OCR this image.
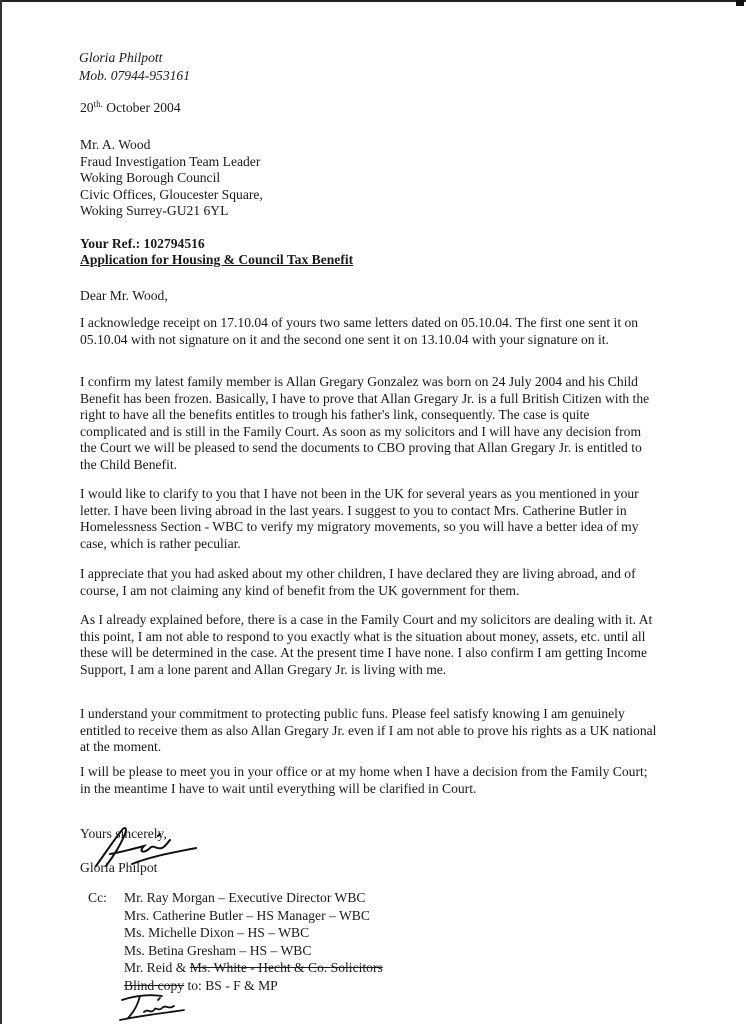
Gloria Philpott
Mob. 07944-953161
$20^{th.}$ October 2004
Mr. A. Wood
Fraud Investigation Team Leader
Woking Borough Council
Civic Offices, Gloucester Square,
Woking Surrey-GU21 6YL
Your Ref.: 102794516
Application for Housing & Council Tax Benefit
Dear Mr. Wood,
I acknowledge receipt on 17.10.04 of yours two same letters dated on 05.10.04. The first one sent it on
05.10.04 with not signature on it and the second one sent it on 13.10.04 with your signature on it.
I confirm my latest family member is Allan Gregary Gonzalez was born on 24 July 2004 and his Child
Benefit has been frozen. Basically, I have to prove that Allan Gregary Jr. is a full British Citizen with the
right to have all the benefits entitles to trough his father's link, consequently. The case is quite
complicated and is still in the Family Court. As soon as my solicitors and I will have any decision from
the Court we will be pleased to send the documents to CBO proving that Allan Gregary Jr. is entitled to
the Child Benefit.
I would like to clarify to you that I have not been in the UK for several years as you mentioned in your
letter. I have been living abroad in the last years. I suggest to you to contact Mrs. Catherine Butler in
Homelessness Section - WBC to verify my migratory movements, so you will have a better idea of my
case, which is rather peculiar.
I appreciate that you had asked about my other children, I have declared they are living abroad, and of
course, I am not claiming any kind of benefit from the UK government for them.
As I already explained before, there is a case in the Family Court and my solicitors are dealing with it. At
this point, I am not able to respond to you exactly what is the situation about money, assets, etc. until all
these will be determined in the case. At the present time I have none. I also confirm I am getting Income
Support, I am a lone parent and Allan Gregary Jr. is living with me.
I understand your commitment to protecting public funs. Please feel satisfy knowing I am genuinely
entitled to receive them as also Allan Gregary Jr. even if I am not able to prove his rights as a UK national
at the moment.
I will be please to meet you in your office or at my home when I have a decision from the Family Court;
in the meantime I have to wait until everything will be clarified in Court.
Yours sincerely,
Gloria Philpot
Cc: Mr. Ray Morgan – Executive Director WBC
Mrs. Catherine Butler – HS Manager – WBC
Ms. Michelle Dixon – HS – WBC
Ms. Betina Gresham – HS – WBC
Mr. Reid & Ms. White - Hecht & Co. Solicitors
Blind copy to: BS - F & MP
